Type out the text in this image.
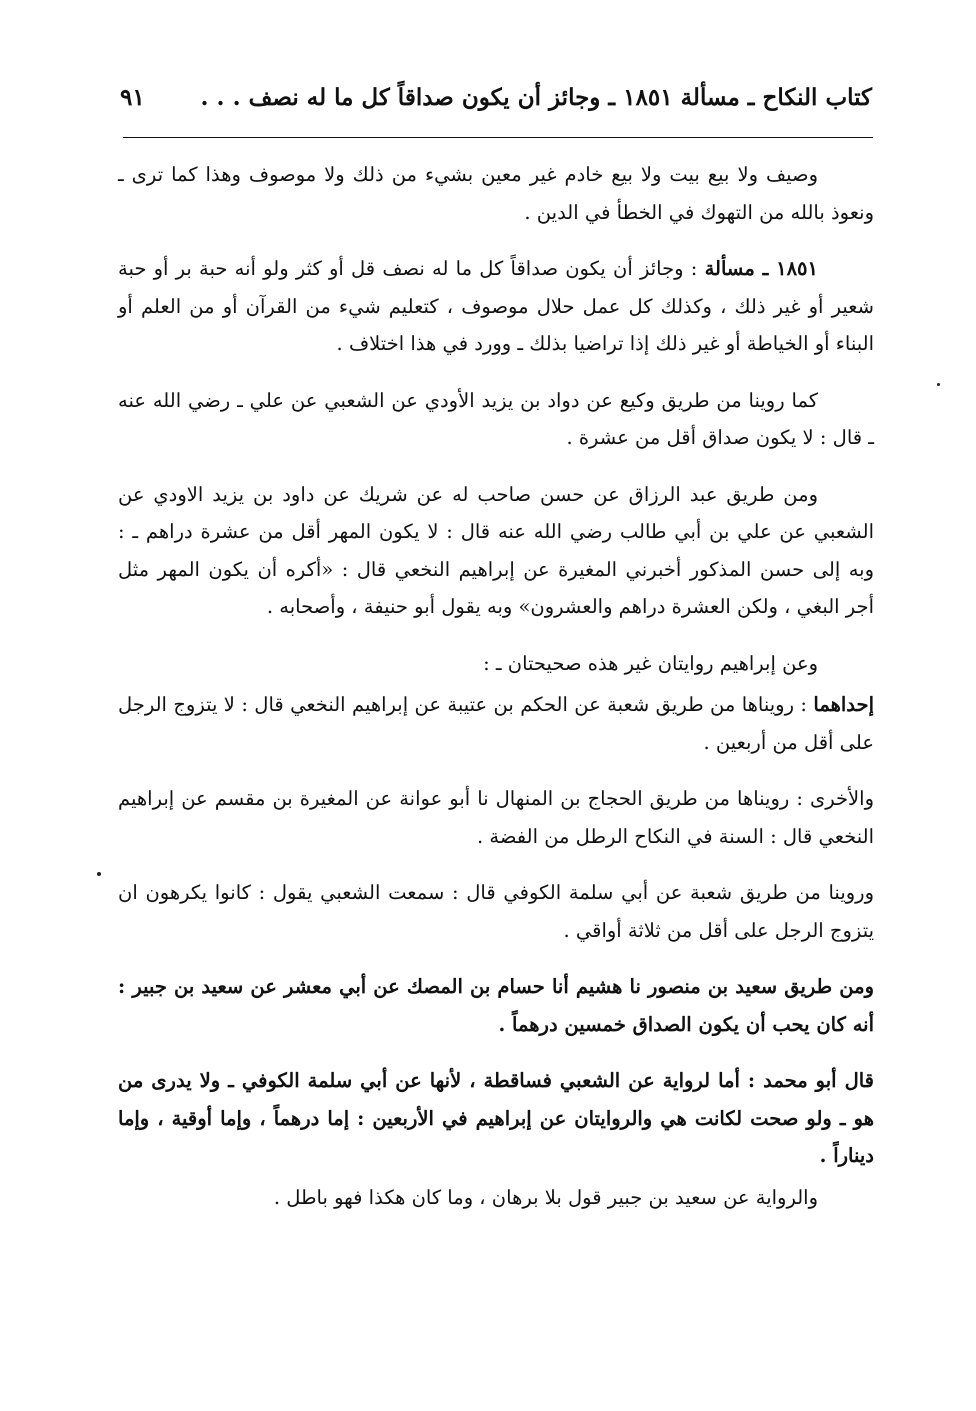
كتاب النكاح ـ مسألة ١٨٥١ ـ وجائز أن يكون صداقاً كل ما له نصف . . .
٩١

وصيف ولا بيع بيت ولا بيع خادم غير معين بشيء من ذلك ولا موصوف وهذا كما ترى ـ ونعوذ بالله من التهوك في الخطأ في الدين .

١٨٥١ ـ مسألة : وجائز أن يكون صداقاً كل ما له نصف قل أو كثر ولو أنه حبة بر أو حبة شعير أو غير ذلك ، وكذلك كل عمل حلال موصوف ، كتعليم شيء من القرآن أو من العلم أو البناء أو الخياطة أو غير ذلك إذا تراضيا بذلك ـ وورد في هذا اختلاف .

كما روينا من طريق وكيع عن دواد بن يزيد الأودي عن الشعبي عن علي ـ رضي الله عنه ـ قال : لا يكون صداق أقل من عشرة .

ومن طريق عبد الرزاق عن حسن صاحب له عن شريك عن داود بن يزيد الاودي عن الشعبي عن علي بن أبي طالب رضي الله عنه قال : لا يكون المهر أقل من عشرة دراهم ـ : وبه إلى حسن المذكور أخبرني المغيرة عن إبراهيم النخعي قال : «أكره أن يكون المهر مثل أجر البغي ، ولكن العشرة دراهم والعشرون» وبه يقول أبو حنيفة ، وأصحابه .

وعن إبراهيم روايتان غير هذه صحيحتان ـ :

إحداهما : رويناها من طريق شعبة عن الحكم بن عتيبة عن إبراهيم النخعي قال : لا يتزوج الرجل على أقل من أربعين .

والأخرى : رويناها من طريق الحجاج بن المنهال نا أبو عوانة عن المغيرة بن مقسم عن إبراهيم النخعي قال : السنة في النكاح الرطل من الفضة .

وروينا من طريق شعبة عن أبي سلمة الكوفي قال : سمعت الشعبي يقول : كانوا يكرهون ان يتزوج الرجل على أقل من ثلاثة أواقي .

ومن طريق سعيد بن منصور نا هشيم أنا حسام بن المصك عن أبي معشر عن سعيد بن جبير : أنه كان يحب أن يكون الصداق خمسين درهماً .

قال أبو محمد : أما لرواية عن الشعبي فساقطة ، لأنها عن أبي سلمة الكوفي ـ ولا يدرى من هو ـ ولو صحت لكانت هي والروايتان عن إبراهيم في الأربعين : إما درهماً ، وإما أوقية ، وإما ديناراً .

والرواية عن سعيد بن جبير قول بلا برهان ، وما كان هكذا فهو باطل .
